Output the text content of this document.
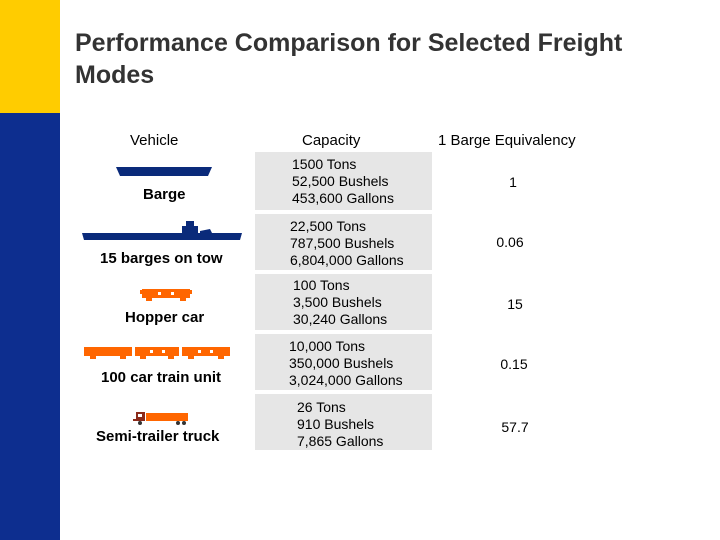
Performance Comparison for Selected Freight Modes
Vehicle	Capacity	1 Barge Equivalency
Barge
1500 Tons
52,500 Bushels
453,600 Gallons
1
15 barges on tow
22,500 Tons
787,500 Bushels
6,804,000 Gallons
0.06
Hopper car
100 Tons
3,500 Bushels
30,240 Gallons
15
100 car train unit
10,000 Tons
350,000 Bushels
3,024,000 Gallons
0.15
Semi-trailer truck
26 Tons
910 Bushels
7,865 Gallons
57.7
